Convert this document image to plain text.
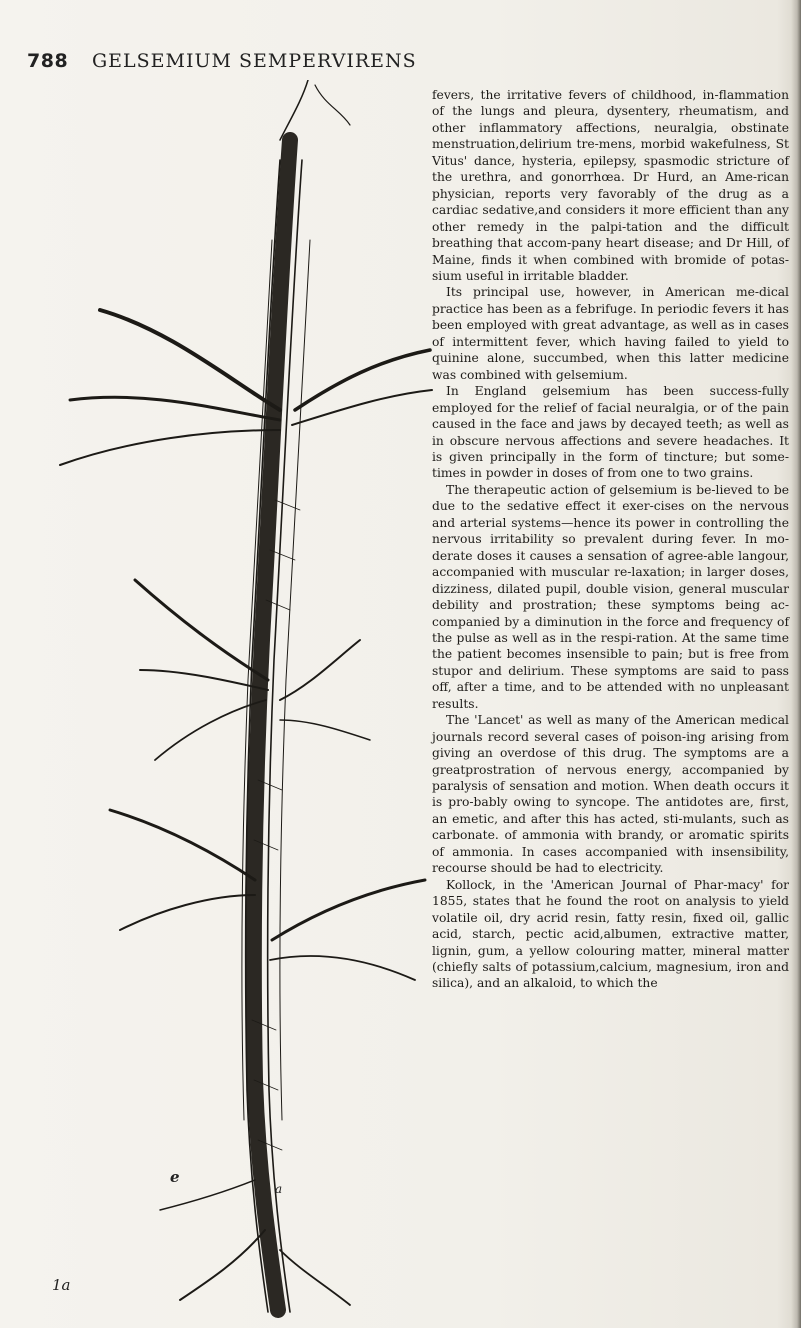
788 GELSEMIUM SEMPERVIRENS
e
a
1a

fevers, the irritative fevers of childhood, in-flammation of the lungs and pleura, dysentery, rheumatism, and other inflammatory affections, neuralgia, obstinate menstruation,delirium tre-mens, morbid wakefulness, St Vitus' dance, hysteria, epilepsy, spasmodic stricture of the urethra, and gonorrhœa. Dr Hurd, an Ame-rican physician, reports very favorably of the drug as a cardiac sedative,and considers it more efficient than any other remedy in the palpi-tation and the difficult breathing that accom-pany heart disease; and Dr Hill, of Maine, finds it when combined with bromide of potas-sium useful in irritable bladder.

Its principal use, however, in American me-dical practice has been as a febrifuge. In periodic fevers it has been employed with great advantage, as well as in cases of intermittent fever, which having failed to yield to quinine alone, succumbed, when this latter medicine was combined with gelsemium.

In England gelsemium has been success-fully employed for the relief of facial neuralgia, or of the pain caused in the face and jaws by decayed teeth; as well as in obscure nervous affections and severe headaches. It is given principally in the form of tincture; but some-times in powder in doses of from one to two grains.

The therapeutic action of gelsemium is be-lieved to be due to the sedative effect it exer-cises on the nervous and arterial systems—hence its power in controlling the nervous irritability so prevalent during fever. In mo-derate doses it causes a sensation of agree-able langour, accompanied with muscular re-laxation; in larger doses, dizziness, dilated pupil, double vision, general muscular debility and prostration; these symptoms being ac-companied by a diminution in the force and frequency of the pulse as well as in the respi-ration. At the same time the patient becomes insensible to pain; but is free from stupor and delirium. These symptoms are said to pass off, after a time, and to be attended with no unpleasant results.

The 'Lancet' as well as many of the American medical journals record several cases of poison-ing arising from giving an overdose of this drug. The symptoms are a greatprostration of nervous energy, accompanied by paralysis of sensation and motion. When death occurs it is pro-bably owing to syncope. The antidotes are, first, an emetic, and after this has acted, sti-mulants, such as carbonate. of ammonia with brandy, or aromatic spirits of ammonia. In cases accompanied with insensibility, recourse should be had to electricity.

Kollock, in the 'American Journal of Phar-macy' for 1855, states that he found the root on analysis to yield volatile oil, dry acrid resin, fatty resin, fixed oil, gallic acid, starch, pectic acid,albumen, extractive matter, lignin, gum, a yellow colouring matter, mineral matter (chiefly salts of potassium,calcium, magnesium, iron and silica), and an alkaloid, to which the
